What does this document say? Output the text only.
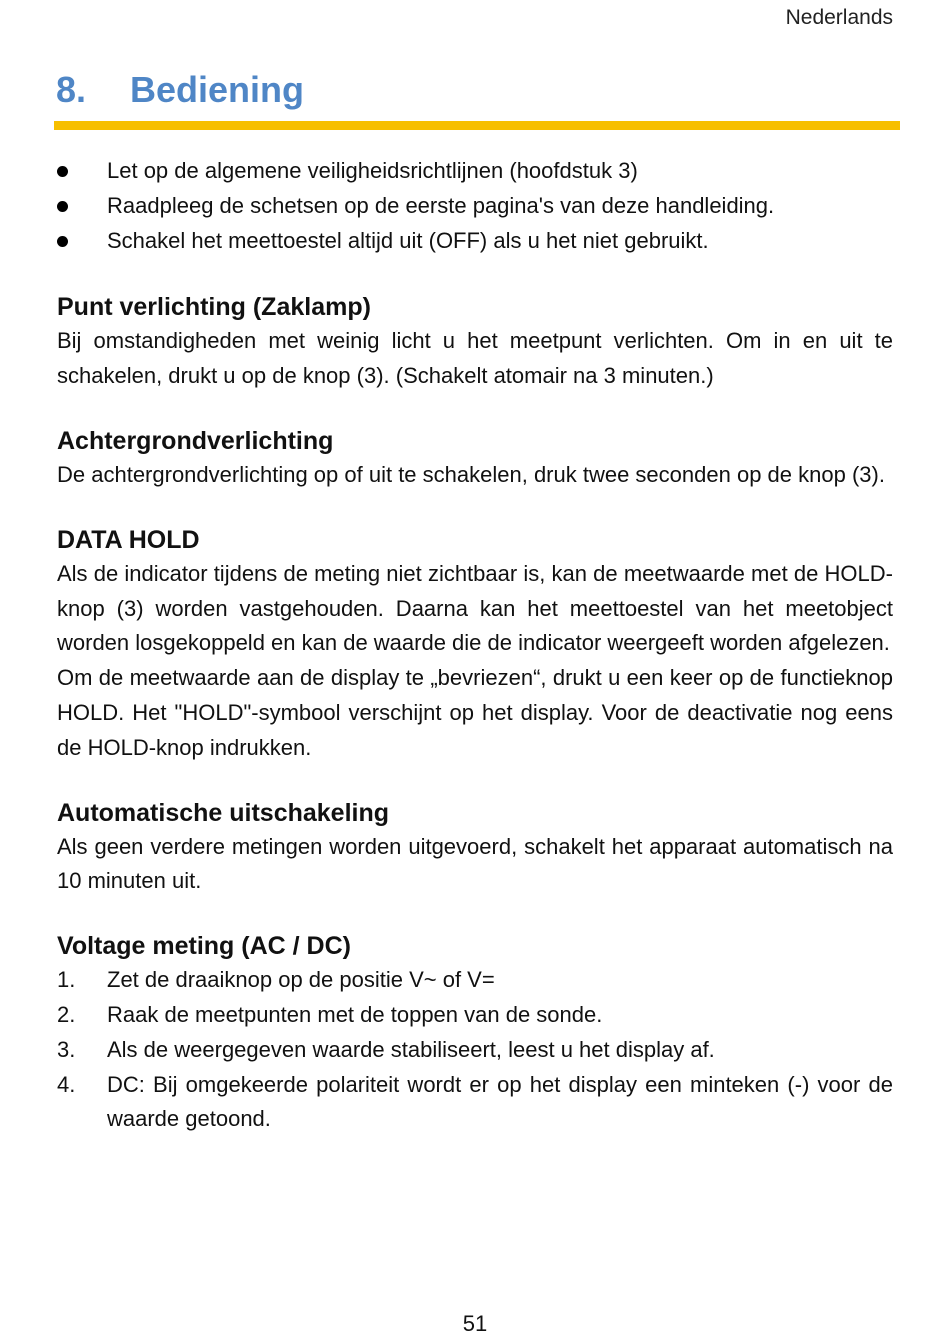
Nederlands
8. Bediening
Let op de algemene veiligheidsrichtlijnen (hoofdstuk 3)
Raadpleeg de schetsen op de eerste pagina's van deze handleiding.
Schakel het meettoestel altijd uit (OFF) als u het niet gebruikt.
Punt verlichting (Zaklamp)

Bij omstandigheden met weinig licht u het meetpunt verlichten. Om in en uit te schakelen, drukt u op de knop (3). (Schakelt atomair na 3 minuten.)

Achtergrondverlichting

De achtergrondverlichting op of uit te schakelen, druk twee seconden op de knop (3).

DATA HOLD

Als de indicator tijdens de meting niet zichtbaar is, kan de meetwaarde met de HOLD-knop (3) worden vastgehouden. Daarna kan het meettoestel van het meetobject worden losgekoppeld en kan de waarde die de indicator weergeeft worden afgelezen.

Om de meetwaarde aan de display te „bevriezen“, drukt u een keer op de functieknop HOLD. Het "HOLD"-symbool verschijnt op het display. Voor de deactivatie nog eens de HOLD-knop indrukken.

Automatische uitschakeling

Als geen verdere metingen worden uitgevoerd, schakelt het apparaat automatisch na 10 minuten uit.

Voltage meting (AC / DC)
1. Zet de draaiknop op de positie V~ of V=
2. Raak de meetpunten met de toppen van de sonde.
3. Als de weergegeven waarde stabiliseert, leest u het display af.
4. DC: Bij omgekeerde polariteit wordt er op het display een minteken (-) voor de waarde getoond.
51
